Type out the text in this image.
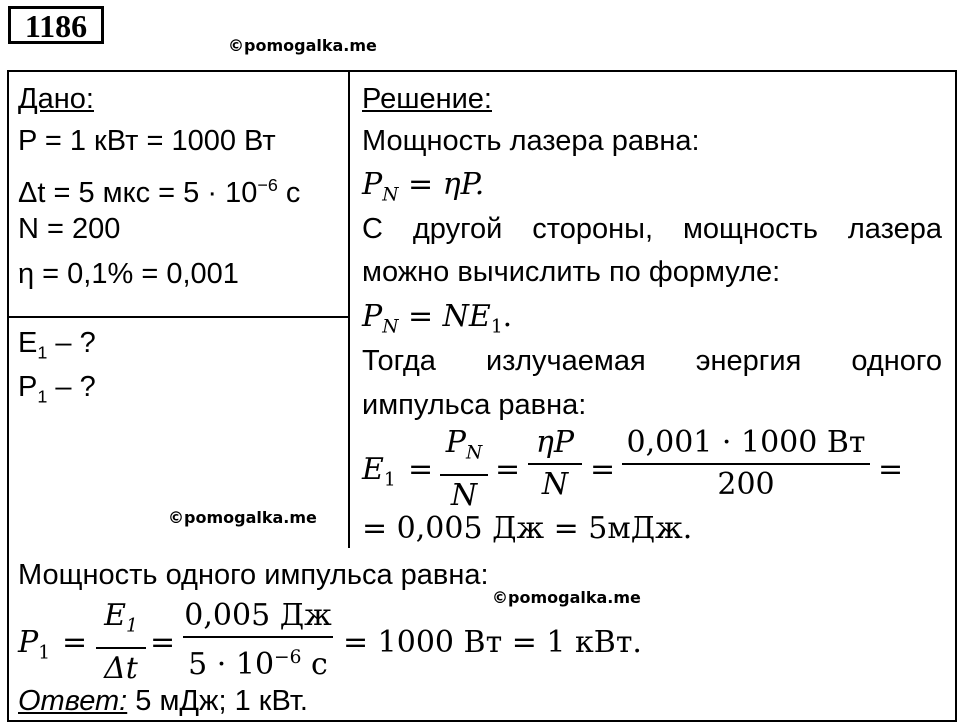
1186
©pomogalka.me
Дано:
P = 1 кВт = 1000 Вт
Δt = 5 мкс = $5 \cdot 10^{-6}$ с
N = 200
η = 0,1% = 0,001
$E_1$ – ?
$P_1$ – ?
©pomogalka.me
Решение:
Мощность лазера равна:
$P_N = \eta P$.
С другой стороны, мощность лазера
можно вычислить по формуле:
$P_N = NE_1$.
Тогда излучаемая энергия одного
импульса равна:
$E_1$ =
$P_N$
N
=
ηP
N =
0,001 · 1000 Вт
200	=
= 0,005 Дж = 5мДж.
Мощность одного импульса равна:
©pomogalka.me
$P_1$ =
$E_1$
Δt
=
0,005 Дж
$5 \cdot 10^{-6}$ с
= 1000 Вт = 1 кВт.
Ответ: 5 мДж; 1 кВт.
